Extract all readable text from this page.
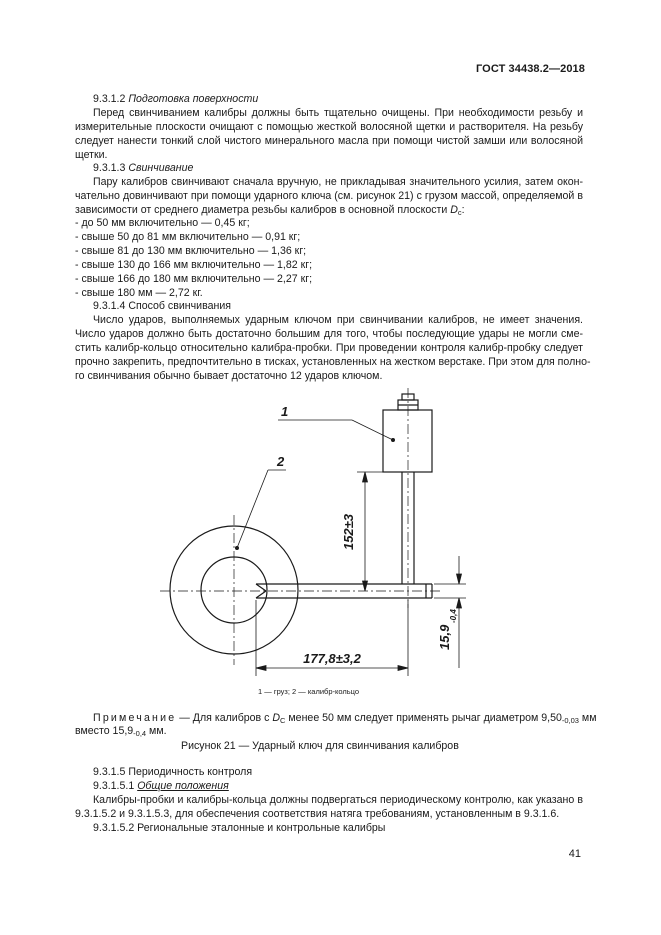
ГОСТ 34438.2—2018
9.3.1.2 Подготовка поверхности
Перед свинчиванием калибры должны быть тщательно очищены. При необходимости резьбу и
измерительные плоскости очищают с помощью жесткой волосяной щетки и растворителя. На резьбу
следует нанести тонкий слой чистого минерального масла при помощи чистой замши или волосяной
щетки.
9.3.1.3 Свинчивание
Пару калибров свинчивают сначала вручную, не прикладывая значительного усилия, затем окон-
чательно довинчивают при помощи ударного ключа (см. рисунок 21) с грузом массой, определяемой в
зависимости от среднего диаметра резьбы калибров в основной плоскости $D_c$:
- до 50 мм включительно — 0,45 кг;
- свыше 50 до 81 мм включительно — 0,91 кг;
- свыше 81 до 130 мм включительно — 1,36 кг;
- свыше 130 до 166 мм включительно — 1,82 кг;
- свыше 166 до 180 мм включительно — 2,27 кг;
- свыше 180 мм — 2,72 кг.
9.3.1.4 Способ свинчивания
Число ударов, выполняемых ударным ключом при свинчивании калибров, не имеет значения.
Число ударов должно быть достаточно большим для того, чтобы последующие удары не могли сме-
стить калибр-кольцо относительно калибра-пробки. При проведении контроля калибр-пробку следует
прочно закрепить, предпочтительно в тисках, установленных на жестком верстаке. При этом для полно-
го свинчивания обычно бывает достаточно 12 ударов ключом.
1
2
152±3
177,8±3,2
15,9
-0,4
1 — груз; 2 — калибр-кольцо
Примечание — Для калибров с $D_C$ менее 50 мм следует применять рычаг диаметром $9,50_{-0,03}$ мм
вместо $15,9_{-0,4}$ мм.
Рисунок 21 — Ударный ключ для свинчивания калибров
9.3.1.5 Периодичность контроля
9.3.1.5.1 Общие положения
Калибры-пробки и калибры-кольца должны подвергаться периодическому контролю, как указано в
9.3.1.5.2 и 9.3.1.5.3, для обеспечения соответствия натяга требованиям, установленным в 9.3.1.6.
9.3.1.5.2 Региональные эталонные и контрольные калибры
41
